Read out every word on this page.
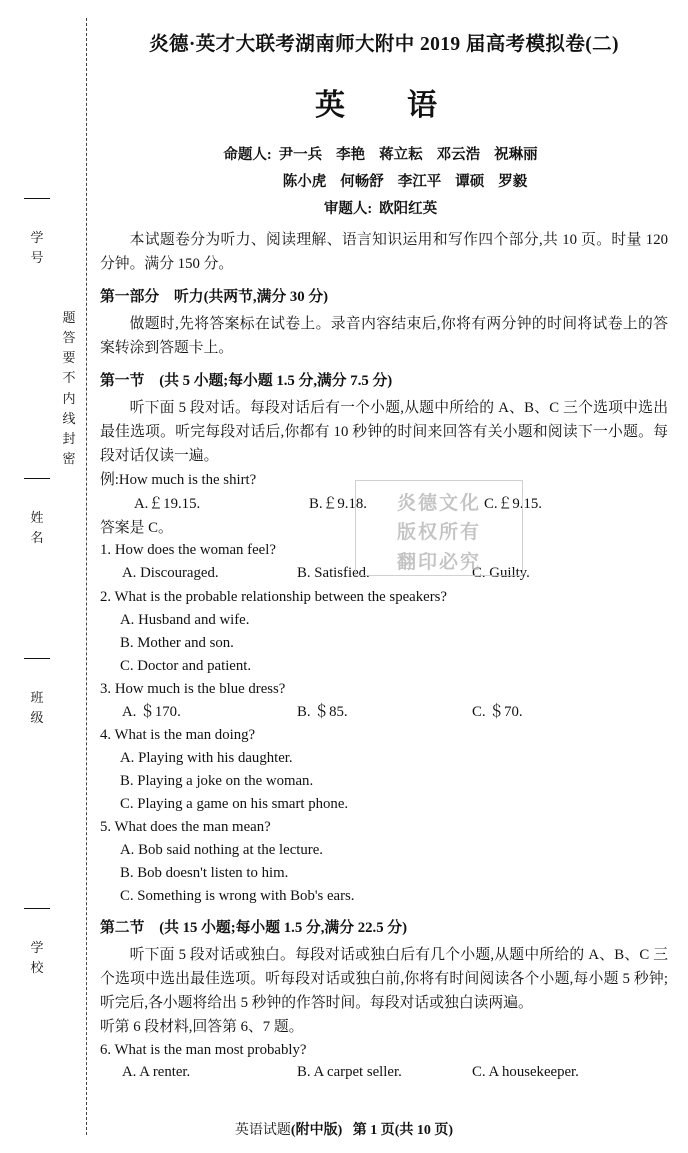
学
号
姓
名
班
级
学
校
题
答
要
不
内
线
封
密
炎德·英才大联考湖南师大附中 2019 届高考模拟卷(二)
英　语
命题人: 尹一兵 李艳 蒋立耘 邓云浩 祝琳丽
陈小虎 何畅舒 李江平 谭硕 罗毅
审题人: 欧阳红英
本试题卷分为听力、阅读理解、语言知识运用和写作四个部分,共 10 页。时量 120 分钟。满分 150 分。
第一部分　听力(共两节,满分 30 分)
做题时,先将答案标在试卷上。录音内容结束后,你将有两分钟的时间将试卷上的答案转涂到答题卡上。
第一节　(共 5 小题;每小题 1.5 分,满分 7.5 分)
听下面 5 段对话。每段对话后有一个小题,从题中所给的 A、B、C 三个选项中选出最佳选项。听完每段对话后,你都有 10 秒钟的时间来回答有关小题和阅读下一小题。每段对话仅读一遍。
例: How much is the shirt?
A.￡19.15.	B.￡9.18.	C.￡9.15.
答案是 C。
1. How does the woman feel?
A. Discouraged.	B. Satisfied.	C. Guilty.
2. What is the probable relationship between the speakers?
A. Husband and wife.
B. Mother and son.
C. Doctor and patient.
3. How much is the blue dress?
A. ＄170.	B. ＄85.	C. ＄70.
4. What is the man doing?
A. Playing with his daughter.
B. Playing a joke on the woman.
C. Playing a game on his smart phone.
5. What does the man mean?
A. Bob said nothing at the lecture.
B. Bob doesn't listen to him.
C. Something is wrong with Bob's ears.
第二节　(共 15 小题;每小题 1.5 分,满分 22.5 分)
听下面 5 段对话或独白。每段对话或独白后有几个小题,从题中所给的 A、B、C 三个选项中选出最佳选项。听每段对话或独白前,你将有时间阅读各个小题,每小题 5 秒钟;听完后,各小题将给出 5 秒钟的作答时间。每段对话或独白读两遍。
听第 6 段材料,回答第 6、7 题。
6. What is the man most probably?
A. A renter.	B. A carpet seller.	C. A housekeeper.
炎德文化
版权所有
翻印必究
英语试题(附中版) 第 1 页(共 10 页)
